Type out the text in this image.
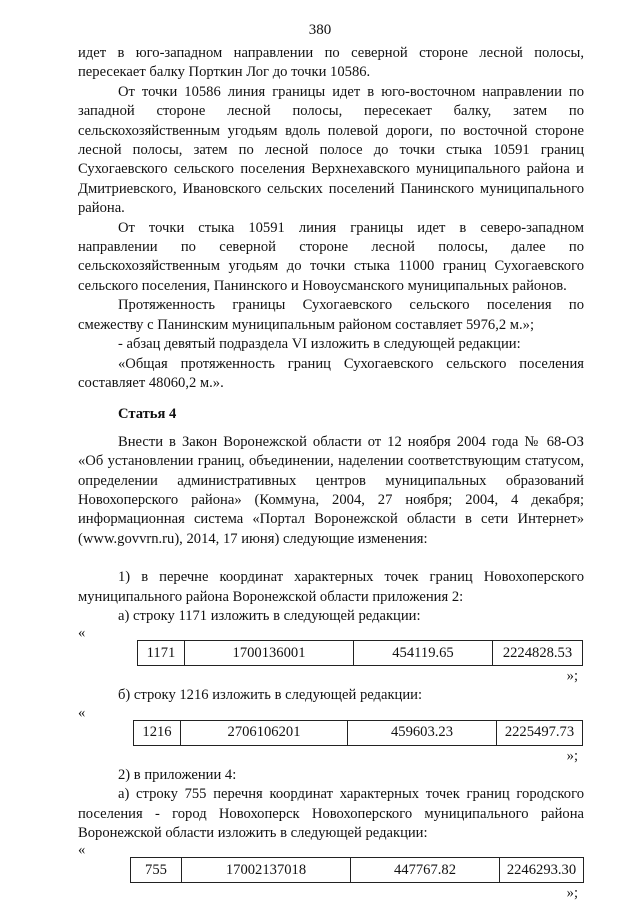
380

идет в юго-западном направлении по северной стороне лесной полосы, пересекает балку Порткин Лог до точки 10586.

От точки 10586 линия границы идет в юго-восточном направлении по западной стороне лесной полосы, пересекает балку, затем по сельскохозяйственным угодьям вдоль полевой дороги, по восточной стороне лесной полосы, затем по лесной полосе до точки стыка 10591 границ Сухогаевского сельского поселения Верхнехавского муниципального района и Дмитриевского, Ивановского сельских поселений Панинского муниципального района.

От точки стыка 10591 линия границы идет в северо-западном направлении по северной стороне лесной полосы, далее по сельскохозяйственным угодьям до точки стыка 11000 границ Сухогаевского сельского поселения, Панинского и Новоусманского муниципальных районов.

Протяженность границы Сухогаевского сельского поселения по смежеству с Панинским муниципальным районом составляет 5976,2 м.»;

- абзац девятый подраздела VI изложить в следующей редакции:

«Общая протяженность границ Сухогаевского сельского поселения составляет 48060,2 м.».

Статья 4

Внести в Закон Воронежской области от 12 ноября 2004 года № 68-ОЗ «Об установлении границ, объединении, наделении соответствующим статусом, определении административных центров муниципальных образований Новохоперского района» (Коммуна, 2004, 27 ноября; 2004, 4 декабря; информационная система «Портал Воронежской области в сети Интернет» (www.govvrn.ru), 2014, 17 июня) следующие изменения:

1) в перечне координат характерных точек границ Новохоперского муниципального района Воронежской области приложения 2:

а) строку 1171 изложить в следующей редакции:

«
1171	1700136001	454119.65	2224828.53
»;

б) строку 1216 изложить в следующей редакции:

«
1216	2706106201	459603.23	2225497.73
»;

2) в приложении 4:

а) строку 755 перечня координат характерных точек границ городского поселения - город Новохоперск Новохоперского муниципального района Воронежской области изложить в следующей редакции:

«
755	17002137018	447767.82	2246293.30
»;
